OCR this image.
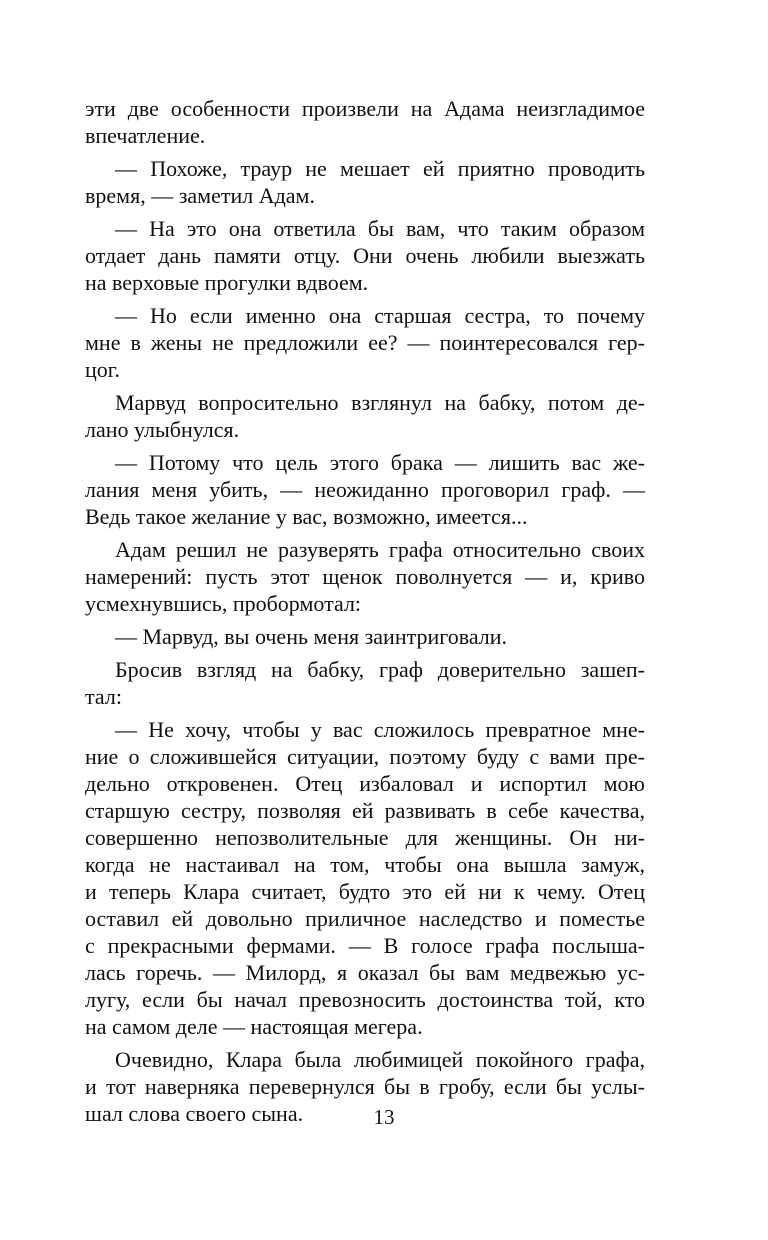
эти две особенности произвели на Адама неизгладимое
впечатление.
— Похоже, траур не мешает ей приятно проводить
время, — заметил Адам.
— На это она ответила бы вам, что таким образом
отдает дань памяти отцу. Они очень любили выезжать
на верховые прогулки вдвоем.
— Но если именно она старшая сестра, то почему
мне в жены не предложили ее? — поинтересовался гер-
цог.
Марвуд вопросительно взглянул на бабку, потом де-
лано улыбнулся.
— Потому что цель этого брака — лишить вас же-
лания меня убить, — неожиданно проговорил граф. —
Ведь такое желание у вас, возможно, имеется...
Адам решил не разуверять графа относительно своих
намерений: пусть этот щенок поволнуется — и, криво
усмехнувшись, пробормотал:
— Марвуд, вы очень меня заинтриговали.
Бросив взгляд на бабку, граф доверительно зашеп-
тал:
— Не хочу, чтобы у вас сложилось превратное мне-
ние о сложившейся ситуации, поэтому буду с вами пре-
дельно откровенен. Отец избаловал и испортил мою
старшую сестру, позволяя ей развивать в себе качества,
совершенно непозволительные для женщины. Он ни-
когда не настаивал на том, чтобы она вышла замуж,
и теперь Клара считает, будто это ей ни к чему. Отец
оставил ей довольно приличное наследство и поместье
с прекрасными фермами. — В голосе графа послыша-
лась горечь. — Милорд, я оказал бы вам медвежью ус-
лугу, если бы начал превозносить достоинства той, кто
на самом деле — настоящая мегера.
Очевидно, Клара была любимицей покойного графа,
и тот наверняка перевернулся бы в гробу, если бы услы-
шал слова своего сына.	13
